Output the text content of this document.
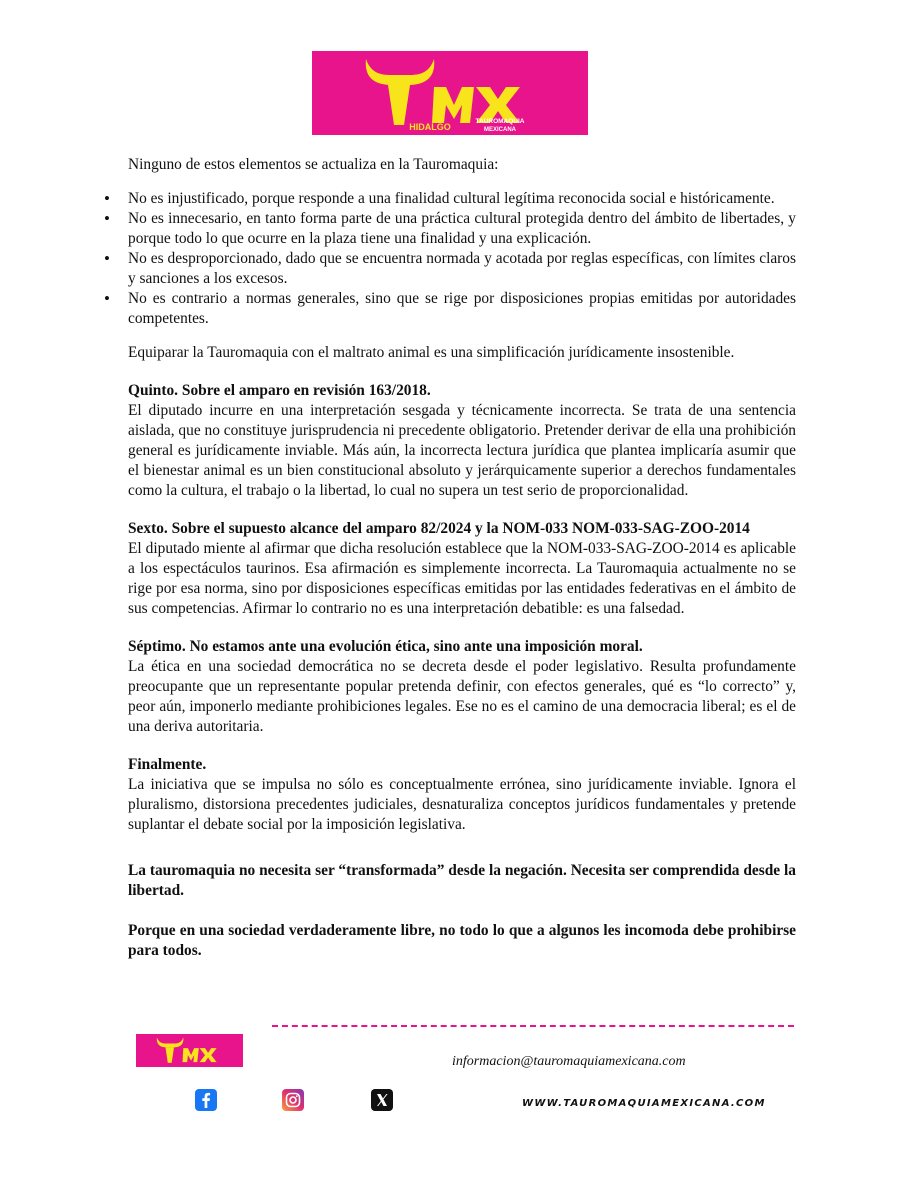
HIDALGO
TAUROMAQUIA
MEXICANA

Ninguno de estos elementos se actualiza en la Tauromaquia:

• No es injustificado, porque responde a una finalidad cultural legítima reconocida social e históricamente.
• No es innecesario, en tanto forma parte de una práctica cultural protegida dentro del ámbito de libertades, y porque todo lo que ocurre en la plaza tiene una finalidad y una explicación.
• No es desproporcionado, dado que se encuentra normada y acotada por reglas específicas, con límites claros y sanciones a los excesos.
• No es contrario a normas generales, sino que se rige por disposiciones propias emitidas por autoridades competentes.

Equiparar la Tauromaquia con el maltrato animal es una simplificación jurídicamente insostenible.

Quinto. Sobre el amparo en revisión 163/2018.

El diputado incurre en una interpretación sesgada y técnicamente incorrecta. Se trata de una sentencia aislada, que no constituye jurisprudencia ni precedente obligatorio. Pretender derivar de ella una prohibición general es jurídicamente inviable. Más aún, la incorrecta lectura jurídica que plantea implicaría asumir que el bienestar animal es un bien constitucional absoluto y jerárquicamente superior a derechos fundamentales como la cultura, el trabajo o la libertad, lo cual no supera un test serio de proporcionalidad.

Sexto. Sobre el supuesto alcance del amparo 82/2024 y la NOM-033 NOM-033-SAG-ZOO-2014

El diputado miente al afirmar que dicha resolución establece que la NOM-033-SAG-ZOO-2014 es aplicable a los espectáculos taurinos. Esa afirmación es simplemente incorrecta. La Tauromaquia actualmente no se rige por esa norma, sino por disposiciones específicas emitidas por las entidades federativas en el ámbito de sus competencias. Afirmar lo contrario no es una interpretación debatible: es una falsedad.

Séptimo. No estamos ante una evolución ética, sino ante una imposición moral.

La ética en una sociedad democrática no se decreta desde el poder legislativo. Resulta profundamente preocupante que un representante popular pretenda definir, con efectos generales, qué es “lo correcto” y, peor aún, imponerlo mediante prohibiciones legales. Ese no es el camino de una democracia liberal; es el de una deriva autoritaria.

Finalmente.

La iniciativa que se impulsa no sólo es conceptualmente errónea, sino jurídicamente inviable. Ignora el pluralismo, distorsiona precedentes judiciales, desnaturaliza conceptos jurídicos fundamentales y pretende suplantar el debate social por la imposición legislativa.

La tauromaquia no necesita ser “transformada” desde la negación. Necesita ser comprendida desde la libertad.

Porque en una sociedad verdaderamente libre, no todo lo que a algunos les incomoda debe prohibirse para todos.

informacion@tauromaquiamexicana.com
WWW.TAUROMAQUIAMEXICANA.COM
